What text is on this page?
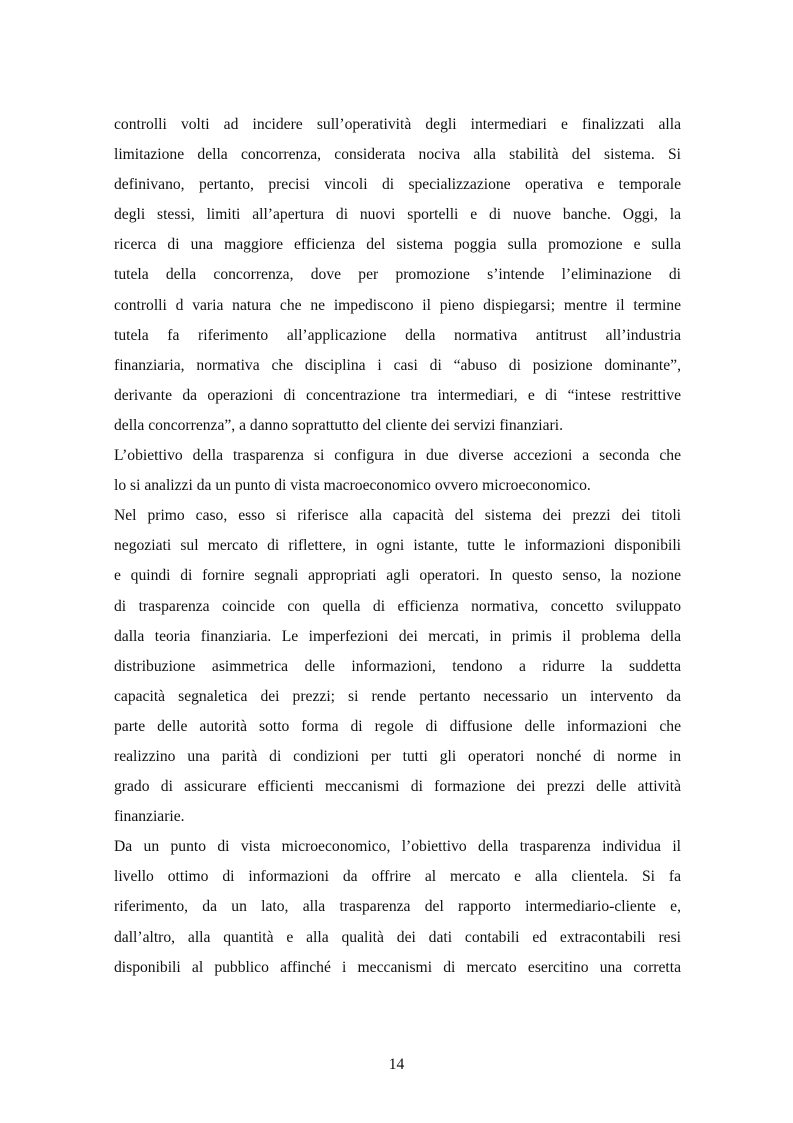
controlli volti ad incidere sull’operatività degli intermediari e finalizzati alla
limitazione della concorrenza, considerata nociva alla stabilità del sistema. Si
definivano, pertanto, precisi vincoli di specializzazione operativa e temporale
degli stessi, limiti all’apertura di nuovi sportelli e di nuove banche. Oggi, la
ricerca di una maggiore efficienza del sistema poggia sulla promozione e sulla
tutela della concorrenza, dove per promozione s’intende l’eliminazione di
controlli d varia natura che ne impediscono il pieno dispiegarsi; mentre il termine
tutela fa riferimento all’applicazione della normativa antitrust all’industria
finanziaria, normativa che disciplina i casi di “abuso di posizione dominante”,
derivante da operazioni di concentrazione tra intermediari, e di “intese restrittive
della concorrenza”, a danno soprattutto del cliente dei servizi finanziari.
L’obiettivo della trasparenza si configura in due diverse accezioni a seconda che
lo si analizzi da un punto di vista macroeconomico ovvero microeconomico.
Nel primo caso, esso si riferisce alla capacità del sistema dei prezzi dei titoli
negoziati sul mercato di riflettere, in ogni istante, tutte le informazioni disponibili
e quindi di fornire segnali appropriati agli operatori. In questo senso, la nozione
di trasparenza coincide con quella di efficienza normativa, concetto sviluppato
dalla teoria finanziaria. Le imperfezioni dei mercati, in primis il problema della
distribuzione asimmetrica delle informazioni, tendono a ridurre la suddetta
capacità segnaletica dei prezzi; si rende pertanto necessario un intervento da
parte delle autorità sotto forma di regole di diffusione delle informazioni che
realizzino una parità di condizioni per tutti gli operatori nonché di norme in
grado di assicurare efficienti meccanismi di formazione dei prezzi delle attività
finanziarie.
Da un punto di vista microeconomico, l’obiettivo della trasparenza individua il
livello ottimo di informazioni da offrire al mercato e alla clientela. Si fa
riferimento, da un lato, alla trasparenza del rapporto intermediario-cliente e,
dall’altro, alla quantità e alla qualità dei dati contabili ed extracontabili resi
disponibili al pubblico affinché i meccanismi di mercato esercitino una corretta
14
